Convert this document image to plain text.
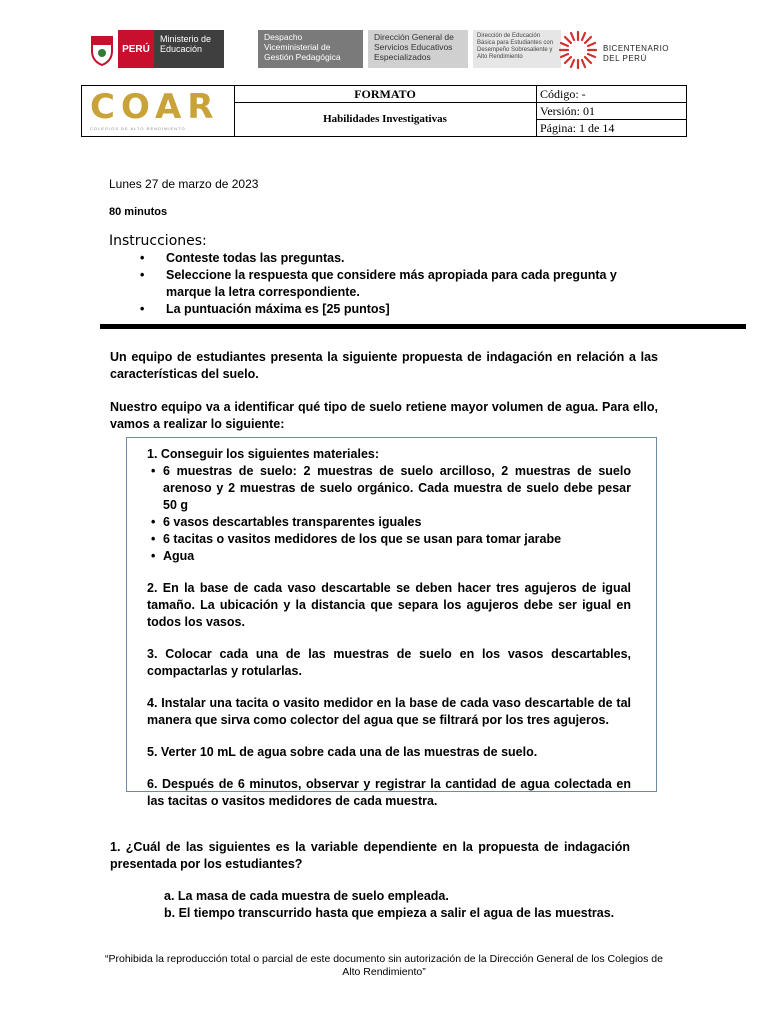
PERÚ
Ministerio de Educación
Despacho Viceministerial de Gestión Pedagógica
Dirección General de Servicios Educativos Especializados
Dirección de Educación Básica para Estudiantes con Desempeño Sobresaliente y Alto Rendimiento
BICENTENARIO
DEL PERÚ
COAR
COLEGIOS DE ALTO RENDIMIENTO
FORMATO
Habilidades Investigativas
Código: -
Versión: 01
Página: 1 de 14
Lunes 27 de marzo de 2023
80 minutos
Instrucciones:
• Conteste todas las preguntas.
• Seleccione la respuesta que considere más apropiada para cada pregunta y marque la letra correspondiente.
• La puntuación máxima es [25 puntos]
Un equipo de estudiantes presenta la siguiente propuesta de indagación en relación a las características del suelo.
Nuestro equipo va a identificar qué tipo de suelo retiene mayor volumen de agua. Para ello, vamos a realizar lo siguiente:

1. Conseguir los siguientes materiales:

• 6 muestras de suelo: 2 muestras de suelo arcilloso, 2 muestras de suelo arenoso y 2 muestras de suelo orgánico. Cada muestra de suelo debe pesar 50 g
• 6 vasos descartables transparentes iguales
• 6 tacitas o vasitos medidores de los que se usan para tomar jarabe
• Agua

2. En la base de cada vaso descartable se deben hacer tres agujeros de igual tamaño. La ubicación y la distancia que separa los agujeros debe ser igual en todos los vasos.

3. Colocar cada una de las muestras de suelo en los vasos descartables, compactarlas y rotularlas.

4. Instalar una tacita o vasito medidor en la base de cada vaso descartable de tal manera que sirva como colector del agua que se filtrará por los tres agujeros.

5. Verter 10 mL de agua sobre cada una de las muestras de suelo.

6. Después de 6 minutos, observar y registrar la cantidad de agua colectada en las tacitas o vasitos medidores de cada muestra.

1. ¿Cuál de las siguientes es la variable dependiente en la propuesta de indagación presentada por los estudiantes?
a. La masa de cada muestra de suelo empleada.
b. El tiempo transcurrido hasta que empieza a salir el agua de las muestras.
“Prohibida la reproducción total o parcial de este documento sin autorización de la Dirección General de los Colegios de Alto Rendimiento”
